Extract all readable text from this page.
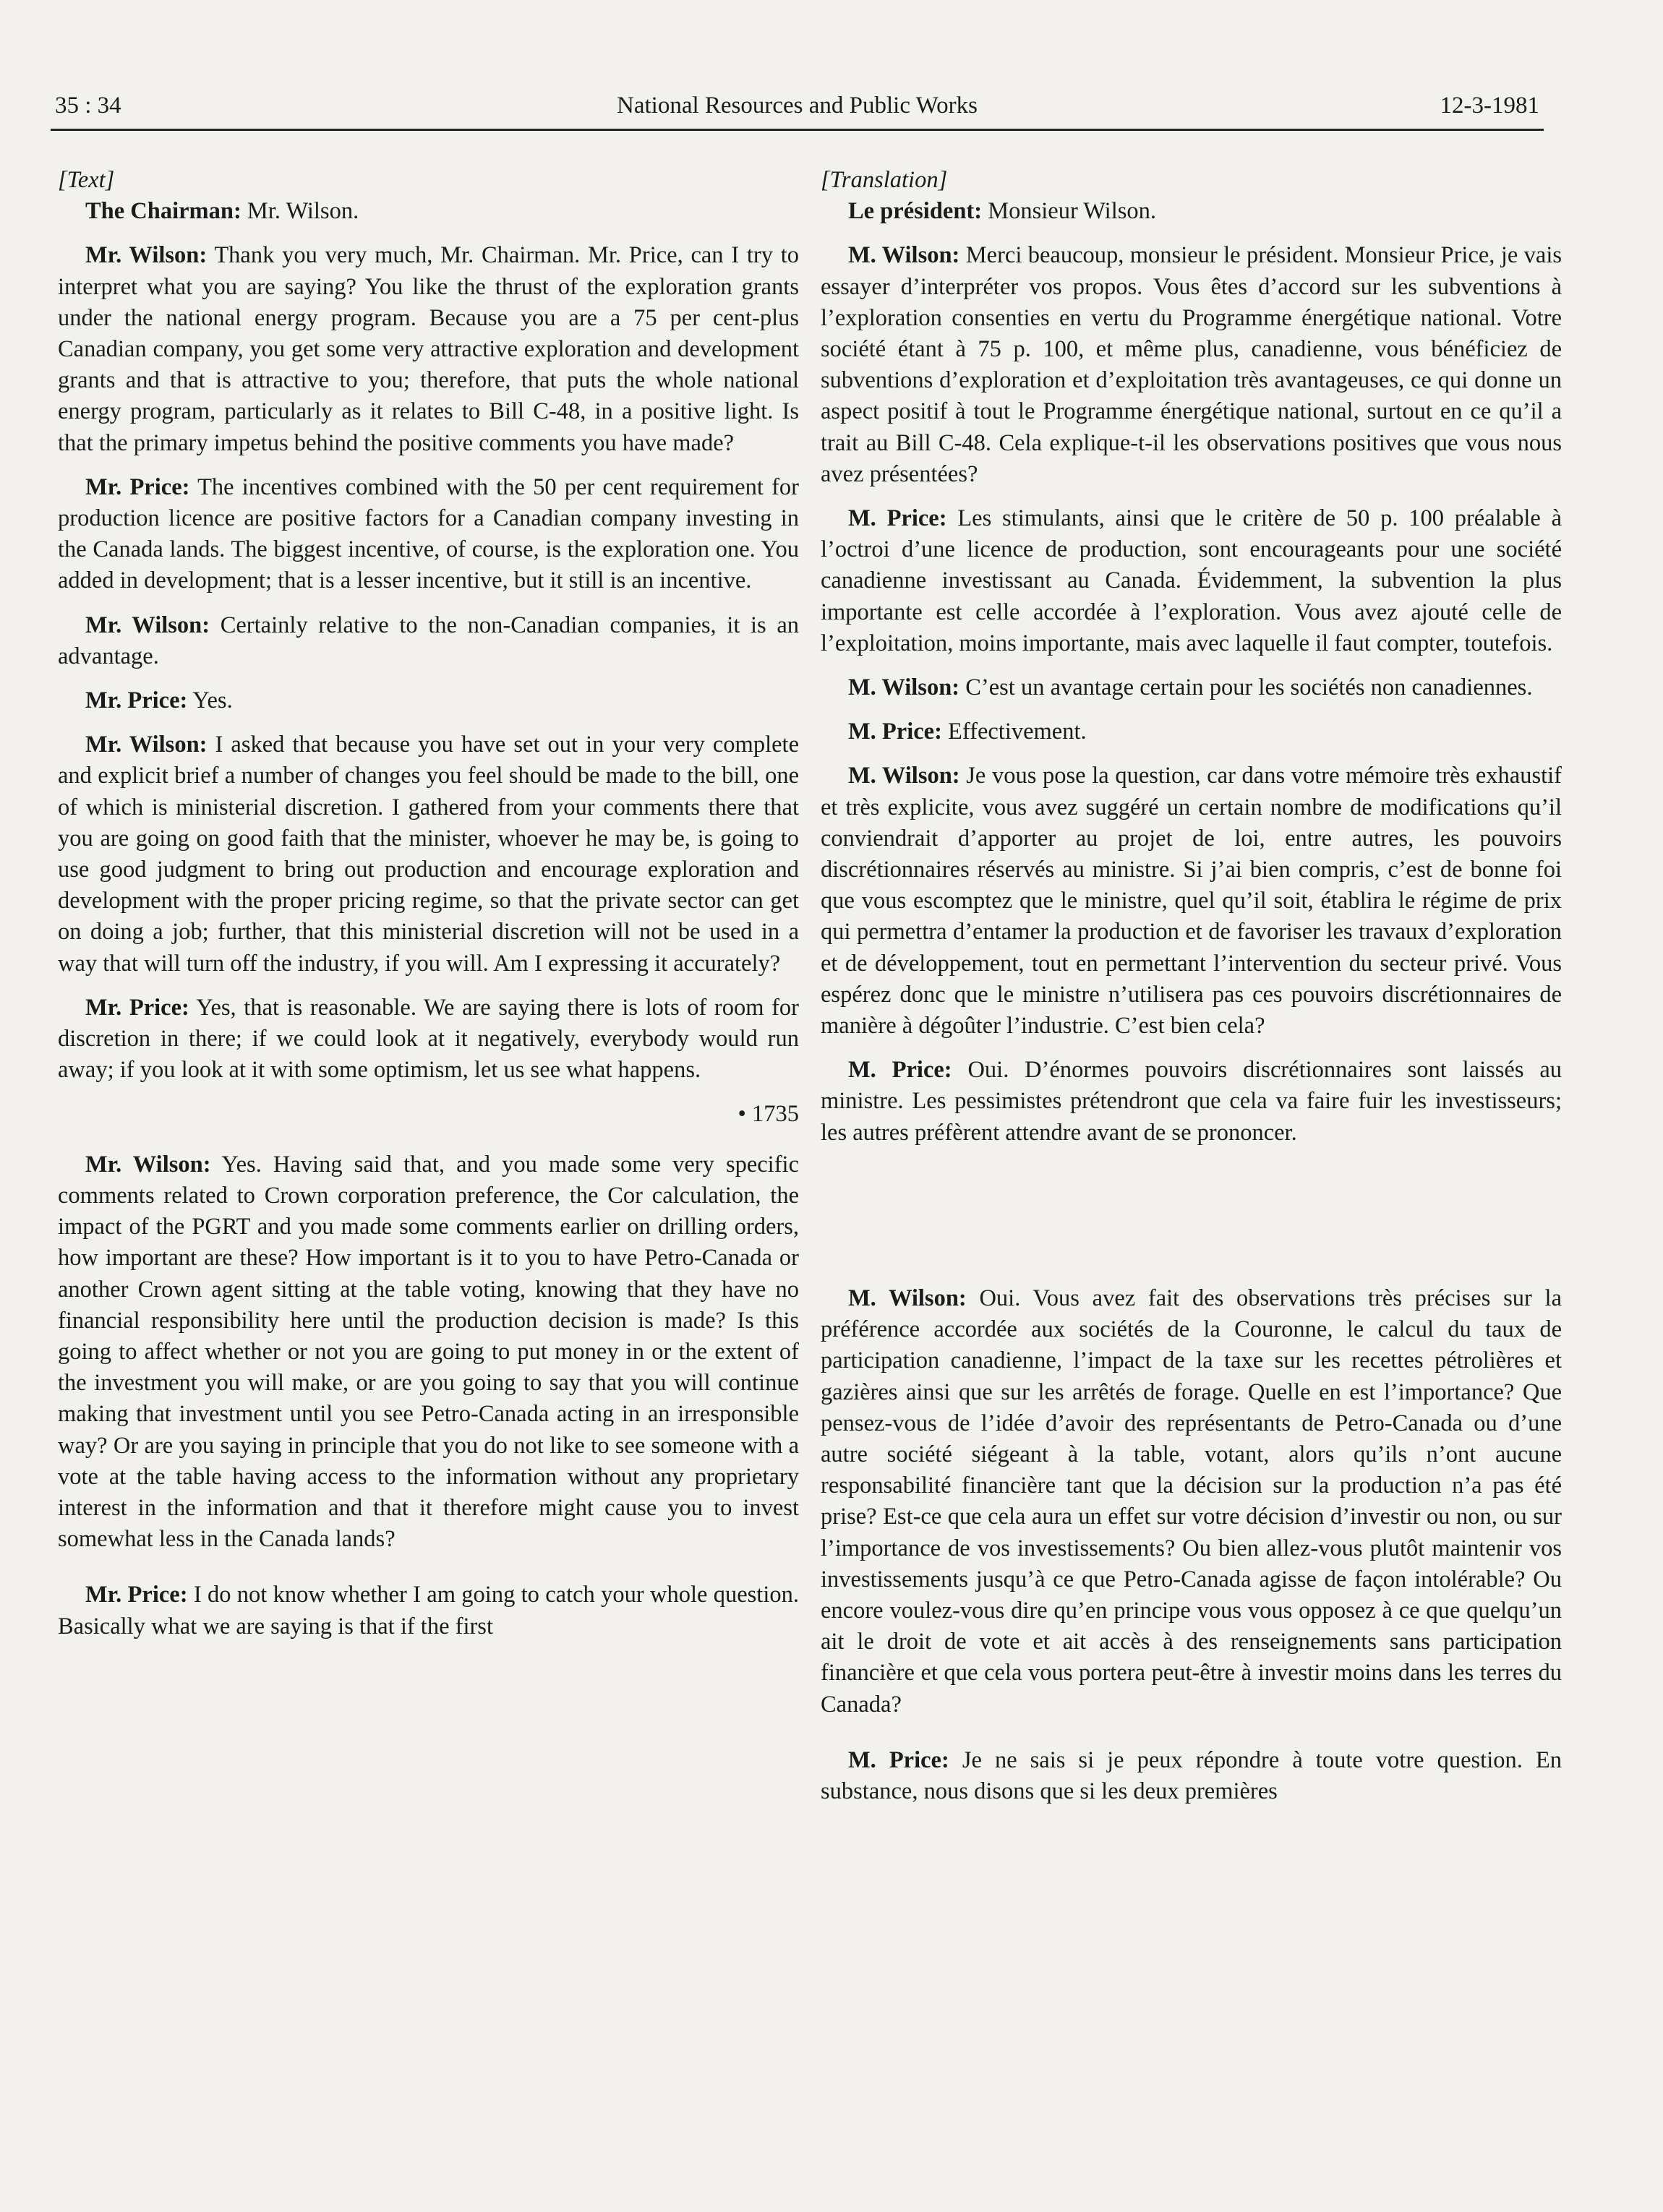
35 : 34	National Resources and Public Works	12-3-1981

[Text]

The Chairman: Mr. Wilson.

Mr. Wilson: Thank you very much, Mr. Chairman. Mr. Price, can I try to interpret what you are saying? You like the thrust of the exploration grants under the national energy program. Because you are a 75 per cent-plus Canadian company, you get some very attractive exploration and development grants and that is attractive to you; therefore, that puts the whole national energy program, particularly as it relates to Bill C-48, in a positive light. Is that the primary impetus behind the positive comments you have made?

Mr. Price: The incentives combined with the 50 per cent requirement for production licence are positive factors for a Canadian company investing in the Canada lands. The biggest incentive, of course, is the exploration one. You added in development; that is a lesser incentive, but it still is an incentive.

Mr. Wilson: Certainly relative to the non-Canadian companies, it is an advantage.

Mr. Price: Yes.

Mr. Wilson: I asked that because you have set out in your very complete and explicit brief a number of changes you feel should be made to the bill, one of which is ministerial discretion. I gathered from your comments there that you are going on good faith that the minister, whoever he may be, is going to use good judgment to bring out production and encourage exploration and development with the proper pricing regime, so that the private sector can get on doing a job; further, that this ministerial discretion will not be used in a way that will turn off the industry, if you will. Am I expressing it accurately?

Mr. Price: Yes, that is reasonable. We are saying there is lots of room for discretion in there; if we could look at it negatively, everybody would run away; if you look at it with some optimism, let us see what happens.

• 1735

Mr. Wilson: Yes. Having said that, and you made some very specific comments related to Crown corporation preference, the Cor calculation, the impact of the PGRT and you made some comments earlier on drilling orders, how important are these? How important is it to you to have Petro-Canada or another Crown agent sitting at the table voting, knowing that they have no financial responsibility here until the production decision is made? Is this going to affect whether or not you are going to put money in or the extent of the investment you will make, or are you going to say that you will continue making that investment until you see Petro-Canada acting in an irresponsible way? Or are you saying in principle that you do not like to see someone with a vote at the table having access to the information without any proprietary interest in the information and that it therefore might cause you to invest somewhat less in the Canada lands?

Mr. Price: I do not know whether I am going to catch your whole question. Basically what we are saying is that if the first

[Translation]

Le président: Monsieur Wilson.

M. Wilson: Merci beaucoup, monsieur le président. Monsieur Price, je vais essayer d’interpréter vos propos. Vous êtes d’accord sur les subventions à l’exploration consenties en vertu du Programme énergétique national. Votre société étant à 75 p. 100, et même plus, canadienne, vous bénéficiez de subventions d’exploration et d’exploitation très avantageuses, ce qui donne un aspect positif à tout le Programme énergétique national, surtout en ce qu’il a trait au Bill C-48. Cela explique-t-il les observations positives que vous nous avez présentées?

M. Price: Les stimulants, ainsi que le critère de 50 p. 100 préalable à l’octroi d’une licence de production, sont encourageants pour une société canadienne investissant au Canada. Évidemment, la subvention la plus importante est celle accordée à l’exploration. Vous avez ajouté celle de l’exploitation, moins importante, mais avec laquelle il faut compter, toutefois.

M. Wilson: C’est un avantage certain pour les sociétés non canadiennes.

M. Price: Effectivement.

M. Wilson: Je vous pose la question, car dans votre mémoire très exhaustif et très explicite, vous avez suggéré un certain nombre de modifications qu’il conviendrait d’apporter au projet de loi, entre autres, les pouvoirs discrétionnaires réservés au ministre. Si j’ai bien compris, c’est de bonne foi que vous escomptez que le ministre, quel qu’il soit, établira le régime de prix qui permettra d’entamer la production et de favoriser les travaux d’exploration et de développement, tout en permettant l’intervention du secteur privé. Vous espérez donc que le ministre n’utilisera pas ces pouvoirs discrétionnaires de manière à dégoûter l’industrie. C’est bien cela?

M. Price: Oui. D’énormes pouvoirs discrétionnaires sont laissés au ministre. Les pessimistes prétendront que cela va faire fuir les investisseurs; les autres préfèrent attendre avant de se prononcer.

M. Wilson: Oui. Vous avez fait des observations très précises sur la préférence accordée aux sociétés de la Couronne, le calcul du taux de participation canadienne, l’impact de la taxe sur les recettes pétrolières et gazières ainsi que sur les arrêtés de forage. Quelle en est l’importance? Que pensez-vous de l’idée d’avoir des représentants de Petro-Canada ou d’une autre société siégeant à la table, votant, alors qu’ils n’ont aucune responsabilité financière tant que la décision sur la production n’a pas été prise? Est-ce que cela aura un effet sur votre décision d’investir ou non, ou sur l’importance de vos investissements? Ou bien allez-vous plutôt maintenir vos investissements jusqu’à ce que Petro-Canada agisse de façon intolérable? Ou encore voulez-vous dire qu’en principe vous vous opposez à ce que quelqu’un ait le droit de vote et ait accès à des renseignements sans participation financière et que cela vous portera peut-être à investir moins dans les terres du Canada?

M. Price: Je ne sais si je peux répondre à toute votre question. En substance, nous disons que si les deux premières
